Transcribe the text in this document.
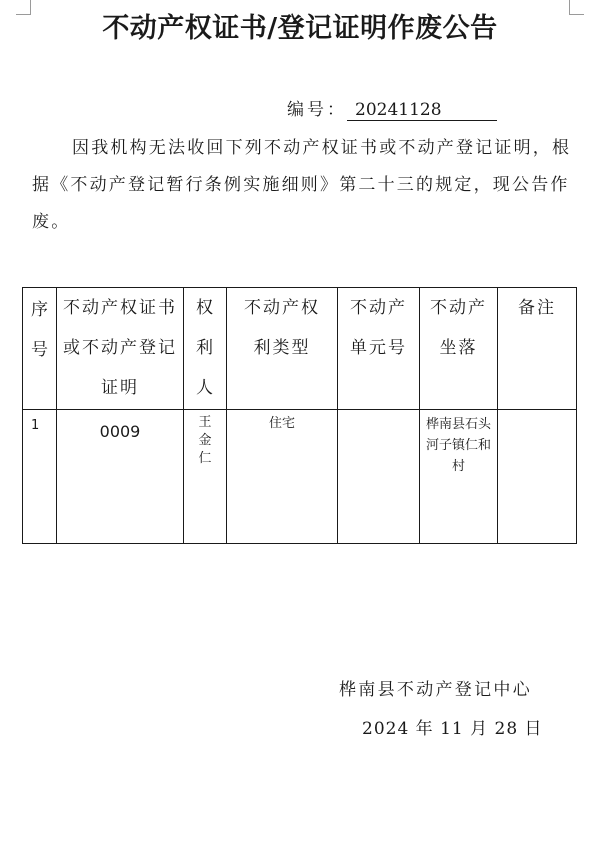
不动产权证书/登记证明作废公告
编号： 20241128

因我机构无法收回下列不动产权证书或不动产登记证明，根据《不动产登记暂行条例实施细则》第二十三的规定，现公告作废。

序号	不动产权证书或不动产登记证明	权利人	不动产权利类型	不动产单元号	不动产坐落	备注
1	0009	王金仁	住宅		桦南县石头河子镇仁和村	
桦南县不动产登记中心
2024 年 11 月 28 日
